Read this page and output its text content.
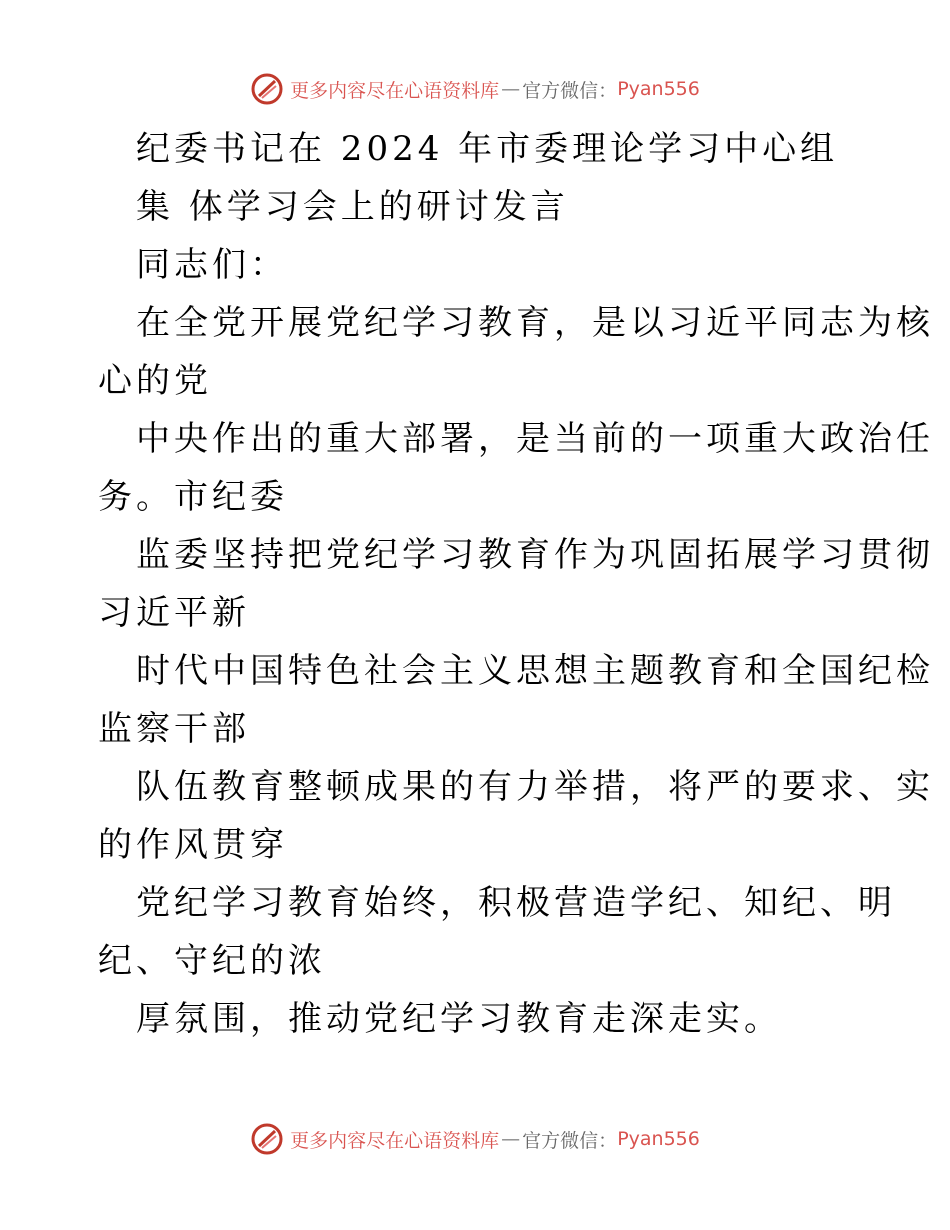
更多内容尽在心语资料库 — 官方微信： Pyan556
纪委书记在 2024 年市委理论学习中心组
集 体学习会上的研讨发言
同志们：
在全党开展党纪学习教育，是以习近平同志为核
心的党
中央作出的重大部署，是当前的一项重大政治任
务。市纪委
监委坚持把党纪学习教育作为巩固拓展学习贯彻
习近平新
时代中国特色社会主义思想主题教育和全国纪检
监察干部
队伍教育整顿成果的有力举措，将严的要求、实
的作风贯穿
党纪学习教育始终，积极营造学纪、知纪、明
纪、守纪的浓
厚氛围，推动党纪学习教育走深走实。
更多内容尽在心语资料库 — 官方微信： Pyan556
